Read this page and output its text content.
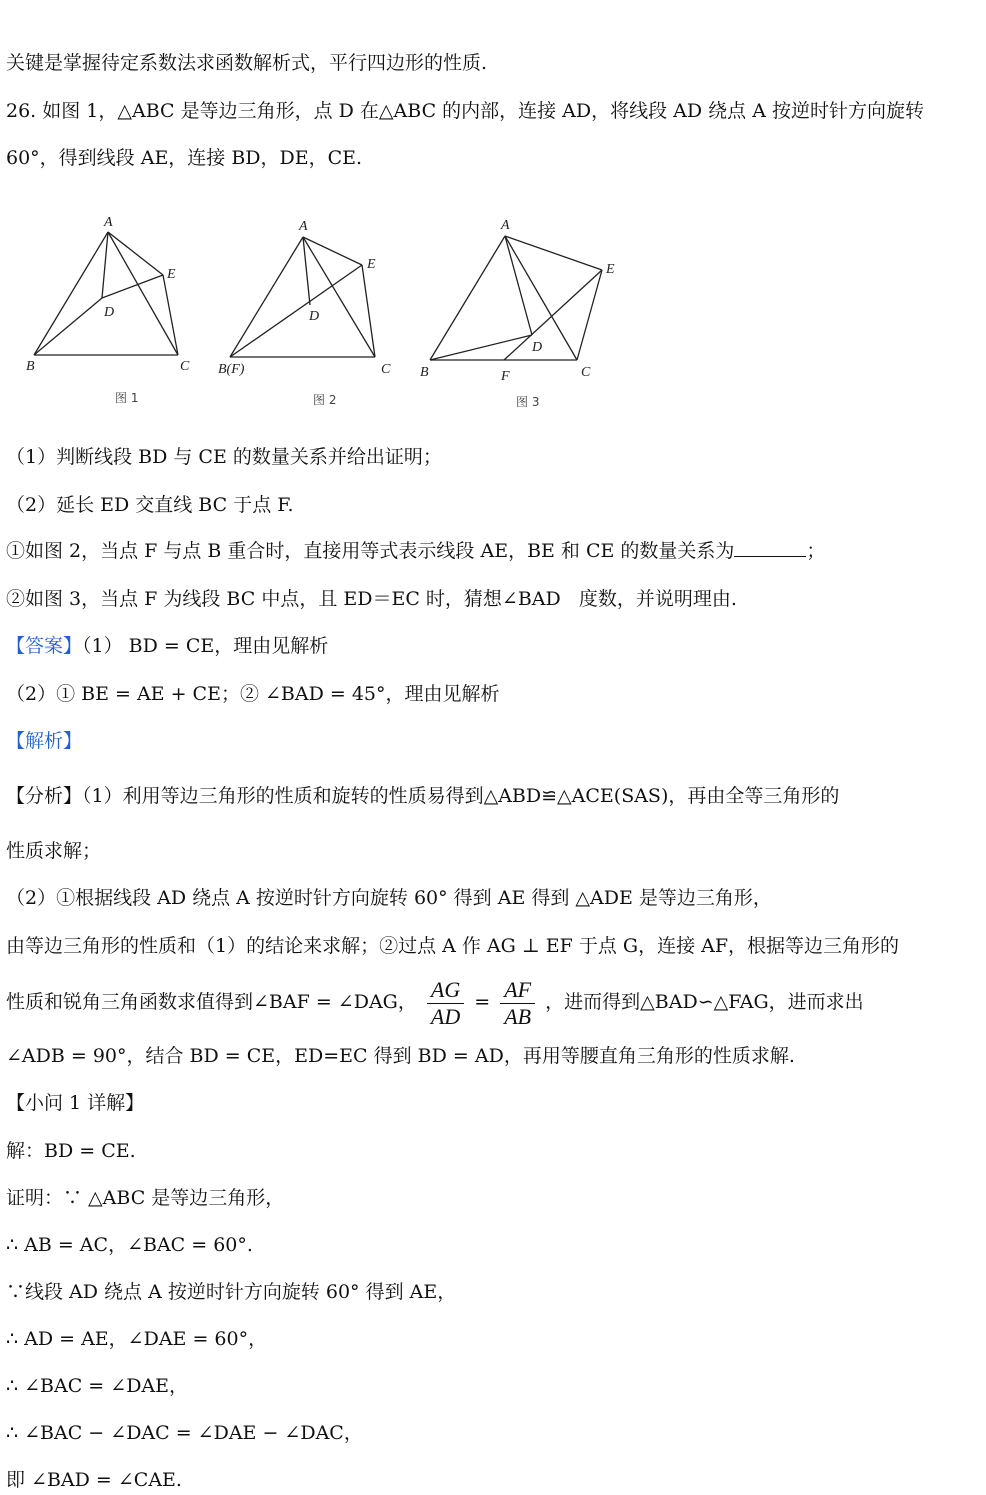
关键是掌握待定系数法求函数解析式，平行四边形的性质.
26. 如图 1，△ABC 是等边三角形，点 D 在△ABC 的内部，连接 AD，将线段 AD 绕点 A 按逆时针方向旋转
60°，得到线段 AE，连接 BD，DE，CE.
A
B	C
D
E
图 1
A
B(F)	C
D
E
图 2
A
B	C
D
E
F
图 3
（1）判断线段 BD 与 CE 的数量关系并给出证明；
（2）延长 ED 交直线 BC 于点 F.
①如图 2，当点 F 与点 B 重合时，直接用等式表示线段 AE，BE 和 CE 的数量关系为	；
②如图 3，当点 F 为线段 BC 中点，且 ED＝EC 时，猜想∠BAD 度数，并说明理由.
【答案】（1） BD = CE，理由见解析
（2）① BE = AE + CE；② ∠BAD = 45°，理由见解析
【解析】
【分析】（1）利用等边三角形的性质和旋转的性质易得到△ABD≌△ACE(SAS)，再由全等三角形的
性质求解；
（2）①根据线段 AD 绕点 A 按逆时针方向旋转 60° 得到 AE 得到 △ADE 是等边三角形，
由等边三角形的性质和（1）的结论来求解；②过点 A 作 AG ⊥ EF 于点 G，连接 AF，根据等边三角形的
性质和锐角三角函数求值得到∠BAF = ∠DAG， $\frac{AG}{AD} = \frac{AF}{AB}$ ，进而得到△BAD∽△FAG，进而求出
∠ADB = 90°，结合 BD = CE，ED=EC 得到 BD = AD，再用等腰直角三角形的性质求解.
【小问 1 详解】
解：BD = CE.
证明：∵ △ABC 是等边三角形，
∴ AB = AC，∠BAC = 60°.
∵线段 AD 绕点 A 按逆时针方向旋转 60° 得到 AE，
∴ AD = AE，∠DAE = 60°，
∴ ∠BAC = ∠DAE，
∴ ∠BAC − ∠DAC = ∠DAE − ∠DAC，
即 ∠BAD = ∠CAE.
